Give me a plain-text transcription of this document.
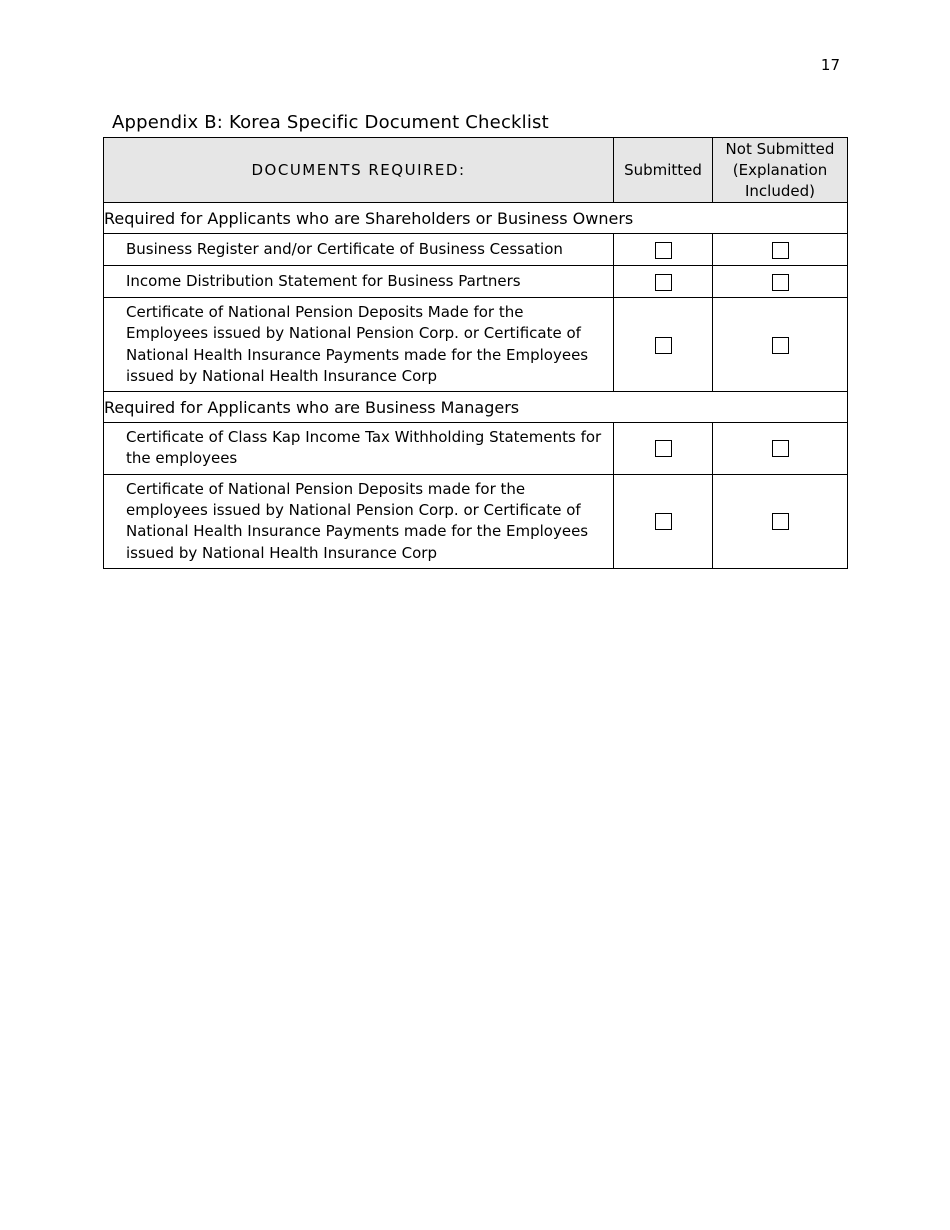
17
Appendix B: Korea Specific Document Checklist
DOCUMENTS REQUIRED:	Submitted	Not Submitted (Explanation Included)
Required for Applicants who are Shareholders or Business Owners		
Business Register and/or Certificate of Business Cessation		
Income Distribution Statement for Business Partners		
Certificate of National Pension Deposits Made for the Employees issued by National Pension Corp. or Certificate of National Health Insurance Payments made for the Employees issued by National Health Insurance Corp		
Required for Applicants who are Business Managers		
Certificate of Class Kap Income Tax Withholding Statements for the employees		
Certificate of National Pension Deposits made for the employees issued by National Pension Corp. or Certificate of National Health Insurance Payments made for the Employees issued by National Health Insurance Corp		
